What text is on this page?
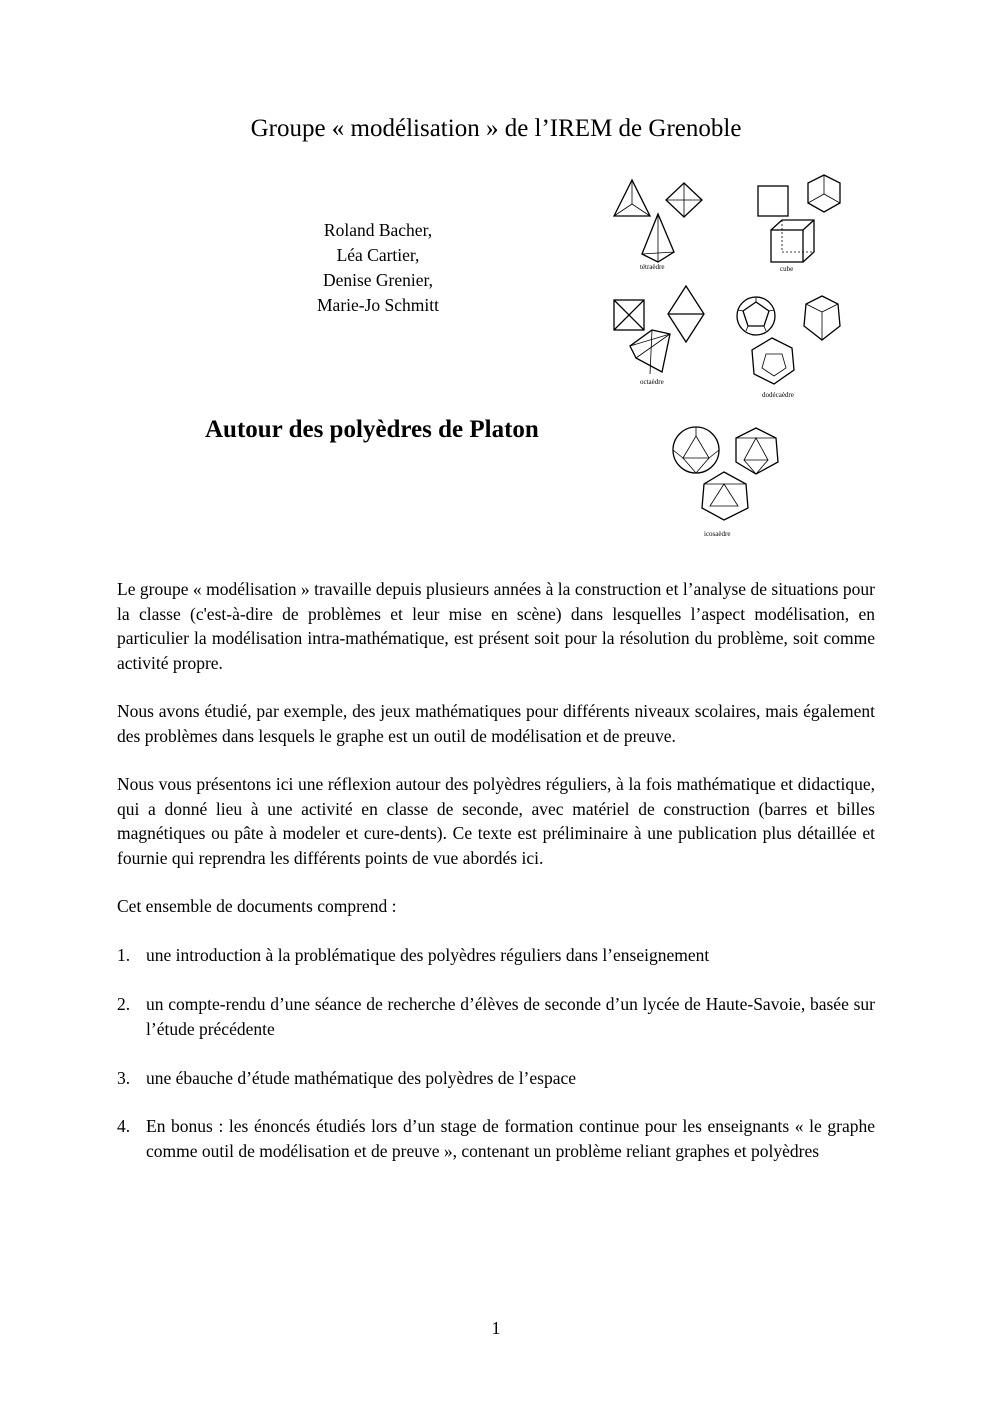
Groupe « modélisation » de l’IREM de Grenoble
Roland Bacher,
Léa Cartier,
Denise Grenier,
Marie-Jo Schmitt
Autour des polyèdres de Platon
tétraèdre	cube
octaèdre
dodécaèdre
icosaèdre
Le groupe « modélisation » travaille depuis plusieurs années à la construction et l’analyse de situations pour la classe (c'est-à-dire de problèmes et leur mise en scène) dans lesquelles l’aspect modélisation, en particulier la modélisation intra-mathématique, est présent soit pour la résolution du problème, soit comme activité propre.
Nous avons étudié, par exemple, des jeux mathématiques pour différents niveaux scolaires, mais également des problèmes dans lesquels le graphe est un outil de modélisation et de preuve.
Nous vous présentons ici une réflexion autour des polyèdres réguliers, à la fois mathématique et didactique, qui a donné lieu à une activité en classe de seconde, avec matériel de construction (barres et billes magnétiques ou pâte à modeler et cure-dents). Ce texte est préliminaire à une publication plus détaillée et fournie qui reprendra les différents points de vue abordés ici.
Cet ensemble de documents comprend :
1. une introduction à la problématique des polyèdres réguliers dans l’enseignement
2. un compte-rendu d’une séance de recherche d’élèves de seconde d’un lycée de Haute-Savoie, basée sur l’étude précédente
3. une ébauche d’étude mathématique des polyèdres de l’espace
4. En bonus : les énoncés étudiés lors d’un stage de formation continue pour les enseignants « le graphe comme outil de modélisation et de preuve », contenant un problème reliant graphes et polyèdres
1
